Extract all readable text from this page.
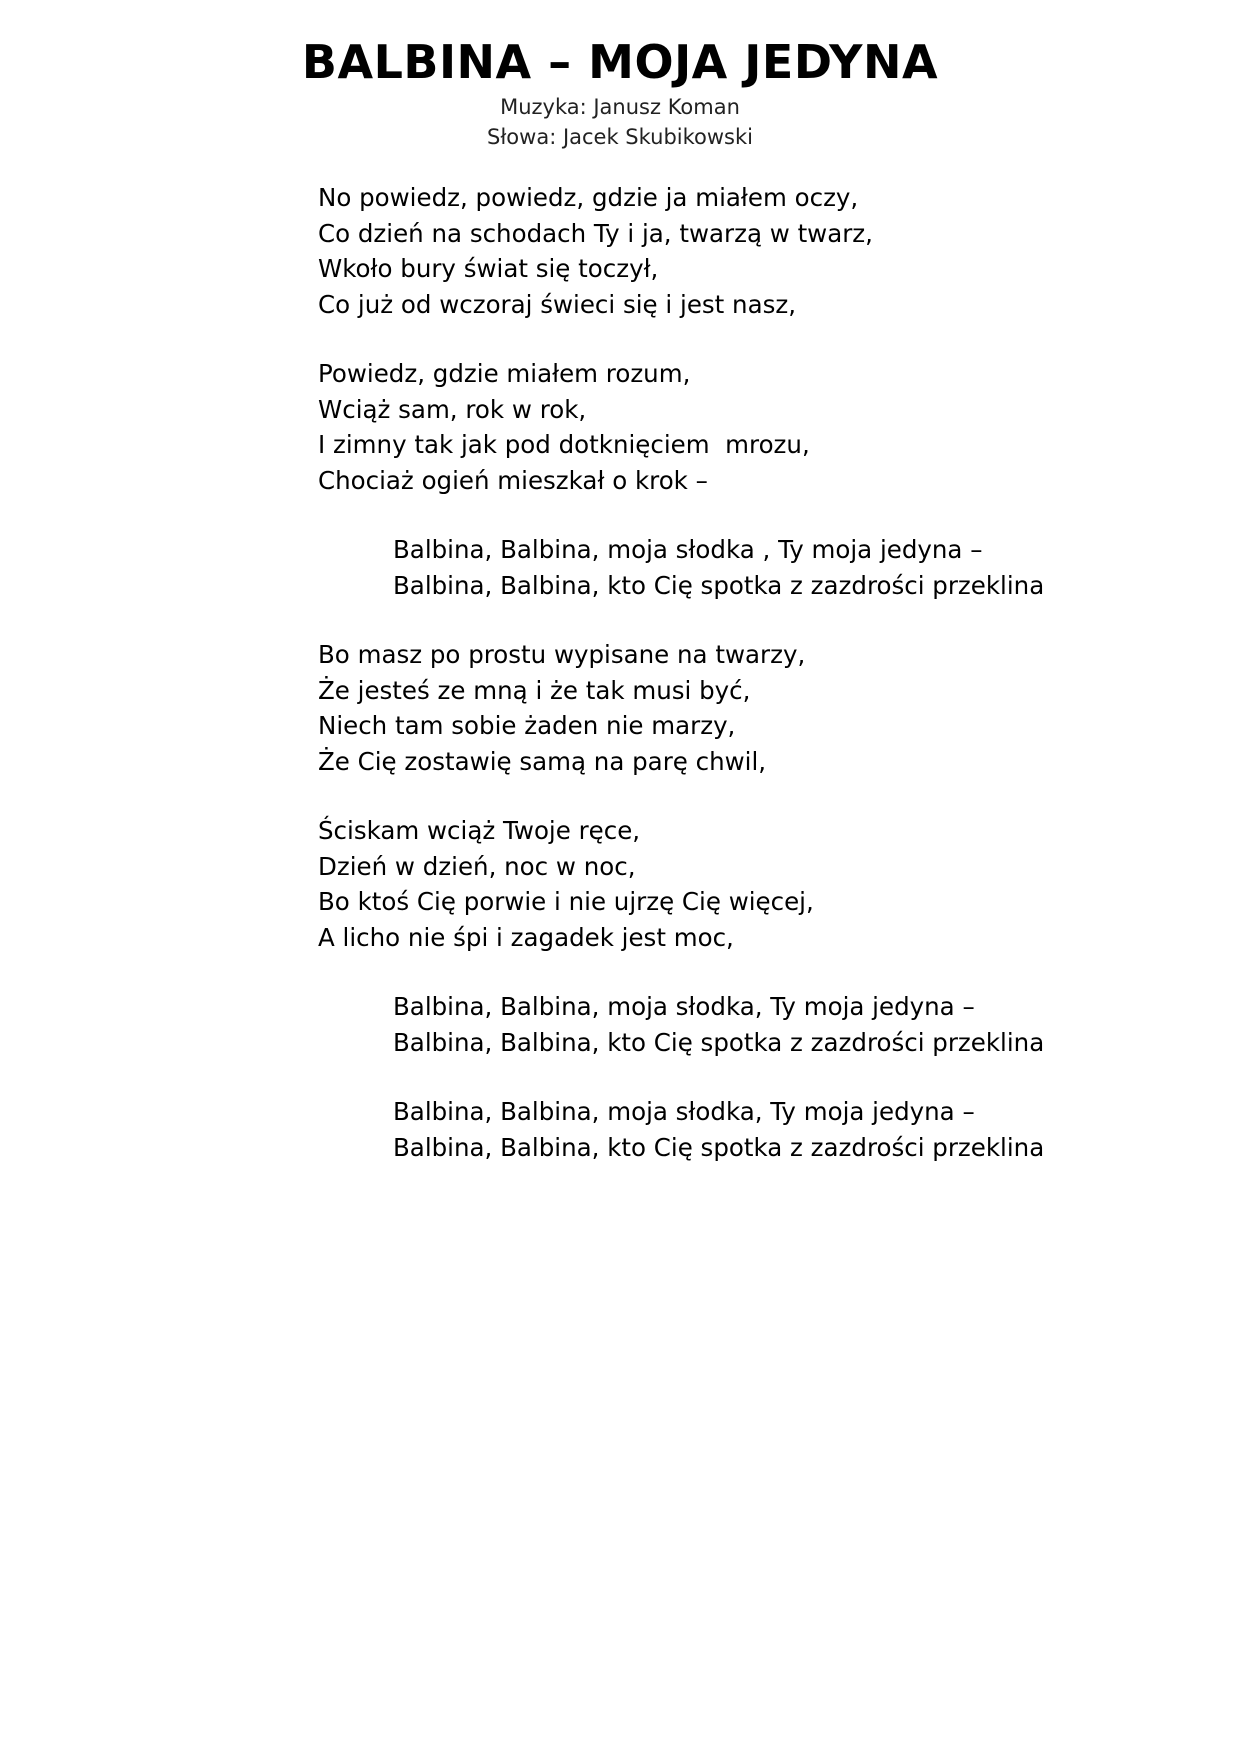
BALBINA – MOJA JEDYNA
Muzyka: Janusz Koman
Słowa: Jacek Skubikowski
No powiedz, powiedz, gdzie ja miałem oczy,
Co dzień na schodach Ty i ja, twarzą w twarz,
Wkoło bury świat się toczył,
Co już od wczoraj świeci się i jest nasz,
Powiedz, gdzie miałem rozum,
Wciąż sam, rok w rok,
I zimny tak jak pod dotknięciem  mrozu,
Chociaż ogień mieszkał o krok –
Balbina, Balbina, moja słodka , Ty moja jedyna –
Balbina, Balbina, kto Cię spotka z zazdrości przeklina
Bo masz po prostu wypisane na twarzy,
Że jesteś ze mną i że tak musi być,
Niech tam sobie żaden nie marzy,
Że Cię zostawię samą na parę chwil,
Ściskam wciąż Twoje ręce,
Dzień w dzień, noc w noc,
Bo ktoś Cię porwie i nie ujrzę Cię więcej,
A licho nie śpi i zagadek jest moc,
Balbina, Balbina, moja słodka, Ty moja jedyna –
Balbina, Balbina, kto Cię spotka z zazdrości przeklina
Balbina, Balbina, moja słodka, Ty moja jedyna –
Balbina, Balbina, kto Cię spotka z zazdrości przeklina
